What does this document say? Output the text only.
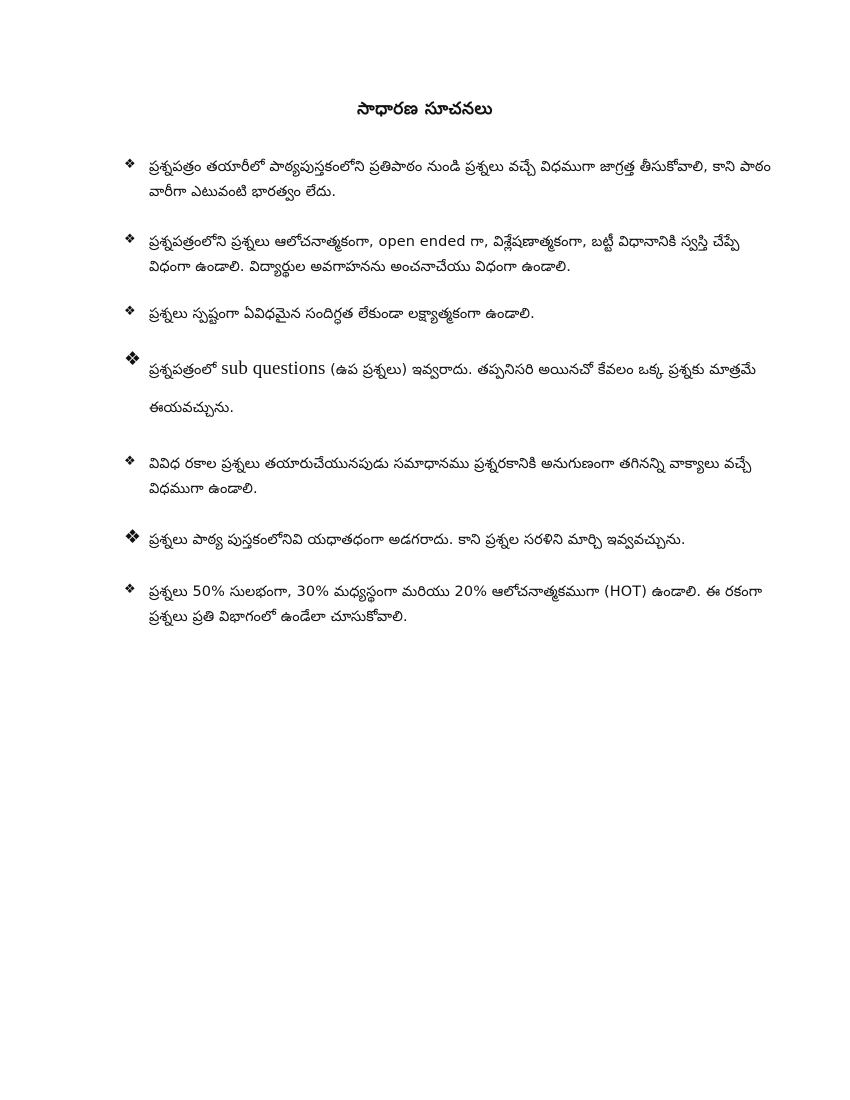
సాధారణ సూచనలు
❖ ప్రశ్నపత్రం తయారీలో పాఠ్యపుస్తకంలోని ప్రతిపాఠం నుండి ప్రశ్నలు వచ్చే విధముగా జాగ్రత్త తీసుకోవాలి, కాని పాఠం వారీగా ఎటువంటి భారత్వం లేదు.
❖ ప్రశ్నపత్రంలోని ప్రశ్నలు ఆలోచనాత్మకంగా, open ended గా, విశ్లేషణాత్మకంగా, బట్టీ విధానానికి స్వస్తి చేప్పే విధంగా ఉండాలి. విద్యార్థుల అవగాహనను అంచనాచేయు విధంగా ఉండాలి.
❖ ప్రశ్నలు స్పష్టంగా ఏవిధమైన సందిగ్ధత లేకుండా లక్ష్యాత్మకంగా ఉండాలి.
❖ ప్రశ్నపత్రంలో sub questions (ఉప ప్రశ్నలు) ఇవ్వరాదు. తప్పనిసరి అయినచో కేవలం ఒక్క ప్రశ్నకు మాత్రమే ఈయవచ్చును.
❖ వివిధ రకాల ప్రశ్నలు తయారుచేయునపుడు సమాధానము ప్రశ్నరకానికి అనుగుణంగా తగినన్ని వాక్యాలు వచ్చే విధముగా ఉండాలి.
❖ ప్రశ్నలు పాఠ్య పుస్తకంలోనివి యధాతధంగా అడగరాదు. కాని ప్రశ్నల సరళిని మార్చి ఇవ్వవచ్చును.
❖ ప్రశ్నలు 50% సులభంగా, 30% మధ్యస్థంగా మరియు 20% ఆలోచనాత్మకముగా (HOT) ఉండాలి. ఈ రకంగా ప్రశ్నలు ప్రతి విభాగంలో ఉండేలా చూసుకోవాలి.
